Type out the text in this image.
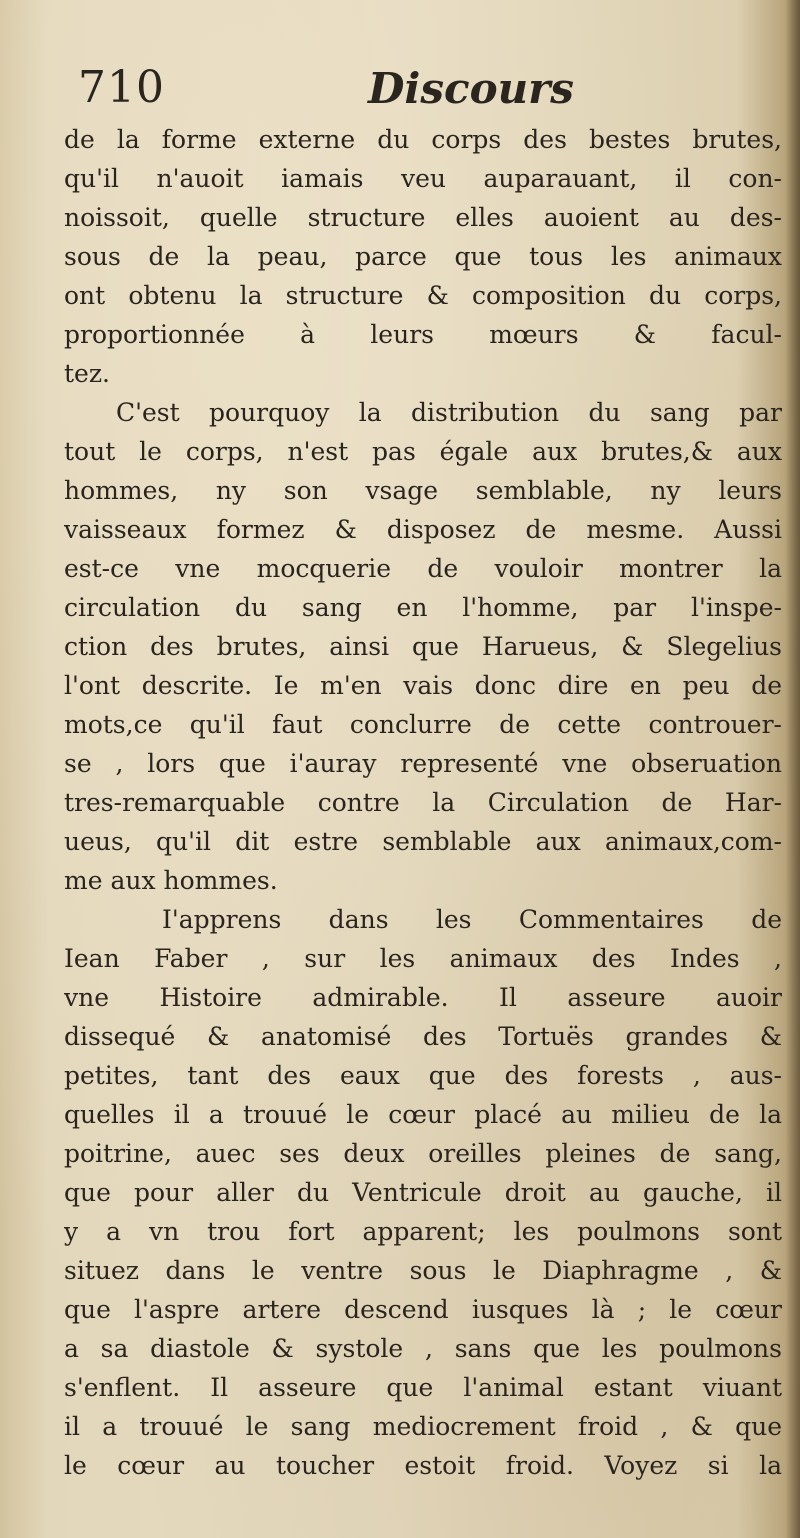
710	Discours
de la forme externe du corps des bestes brutes,
qu'il n'auoit iamais veu auparauant, il con-
noissoit, quelle structure elles auoient au des-
sous de la peau, parce que tous les animaux
ont obtenu la structure & composition du corps,
proportionnée à leurs mœurs & facul-
tez.
C'est pourquoy la distribution du sang par
tout le corps, n'est pas égale aux brutes,& aux
hommes, ny son vsage semblable, ny leurs
vaisseaux formez & disposez de mesme. Aussi
est-ce vne mocquerie de vouloir montrer la
circulation du sang en l'homme, par l'inspe-
ction des brutes, ainsi que Harueus, & Slegelius
l'ont descrite. Ie m'en vais donc dire en peu de
mots,ce qu'il faut conclurre de cette controuer-
se , lors que i'auray representé vne obseruation
tres-remarquable contre la Circulation de Har-
ueus, qu'il dit estre semblable aux animaux,com-
me aux hommes.
I'apprens dans les Commentaires de
Iean Faber , sur les animaux des Indes ,
vne Histoire admirable. Il asseure auoir
dissequé & anatomisé des Tortuës grandes &
petites, tant des eaux que des forests , aus-
quelles il a trouué le cœur placé au milieu de la
poitrine, auec ses deux oreilles pleines de sang,
que pour aller du Ventricule droit au gauche, il
y a vn trou fort apparent; les poulmons sont
situez dans le ventre sous le Diaphragme , &
que l'aspre artere descend iusques là ; le cœur
a sa diastole & systole , sans que les poulmons
s'enflent. Il asseure que l'animal estant viuant
il a trouué le sang mediocrement froid , & que
le cœur au toucher estoit froid. Voyez si la
